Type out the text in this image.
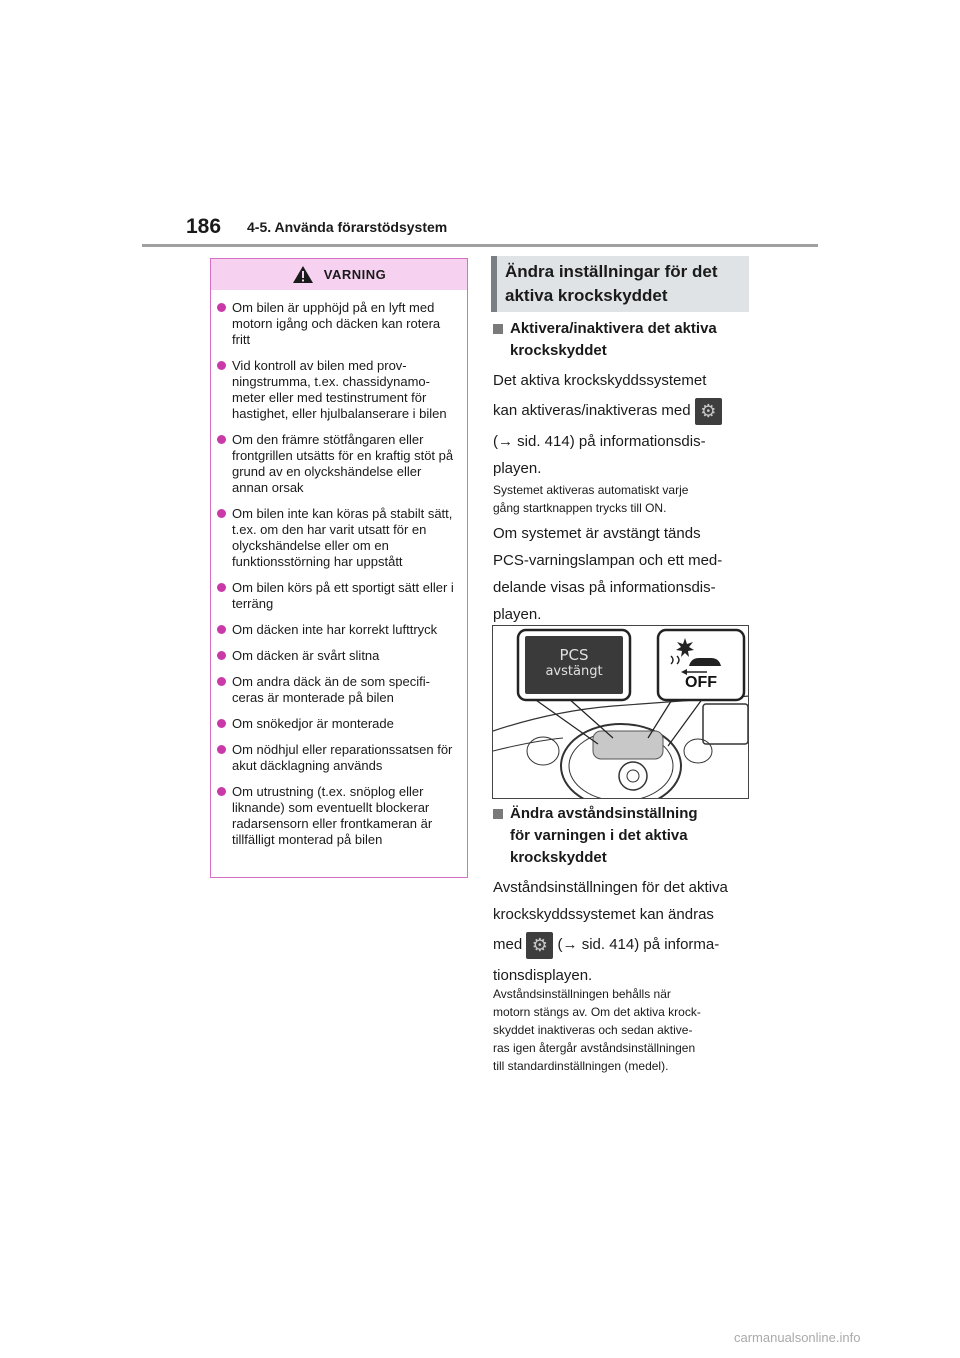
186 4-5. Använda förarstödsystem
VARNING
Om bilen är upphöjd på en lyft med motorn igång och däcken kan rotera fritt
Vid kontroll av bilen med prov-ningstrumma, t.ex. chassidynamo-meter eller med testinstrument för hastighet, eller hjulbalanserare i bilen
Om den främre stötfångaren eller frontgrillen utsätts för en kraftig stöt på grund av en olyckshändelse eller annan orsak
Om bilen inte kan köras på stabilt sätt, t.ex. om den har varit utsatt för en olyckshändelse eller om en funktionsstörning har uppstått
Om bilen körs på ett sportigt sätt eller i terräng
Om däcken inte har korrekt lufttryck
Om däcken är svårt slitna
Om andra däck än de som specifi-ceras är monterade på bilen
Om snökedjor är monterade
Om nödhjul eller reparationssatsen för akut däcklagning används
Om utrustning (t.ex. snöplog eller liknande) som eventuellt blockerar radarsensorn eller frontkameran är tillfälligt monterad på bilen
Ändra inställningar för det
aktiva krockskyddet
Aktivera/inaktivera det aktiva
krockskyddet
Det aktiva krockskyddssystemet
kan aktiveras/inaktiveras med ⚙
(→ sid. 414) på informationsdis-
playen.
Systemet aktiveras automatiskt varje
gång startknappen trycks till ON.
Om systemet är avstängt tänds
PCS-varningslampan och ett med-
delande visas på informationsdis-
playen.
PCS
avstängt
OFF
Ändra avståndsinställning
för varningen i det aktiva
krockskyddet
Avståndsinställningen för det aktiva
krockskyddssystemet kan ändras
med ⚙ (→ sid. 414) på informa-
tionsdisplayen.
Avståndsinställningen behålls när
motorn stängs av. Om det aktiva krock-
skyddet inaktiveras och sedan aktive-
ras igen återgår avståndsinställningen
till standardinställningen (medel).
carmanualsonline.info
